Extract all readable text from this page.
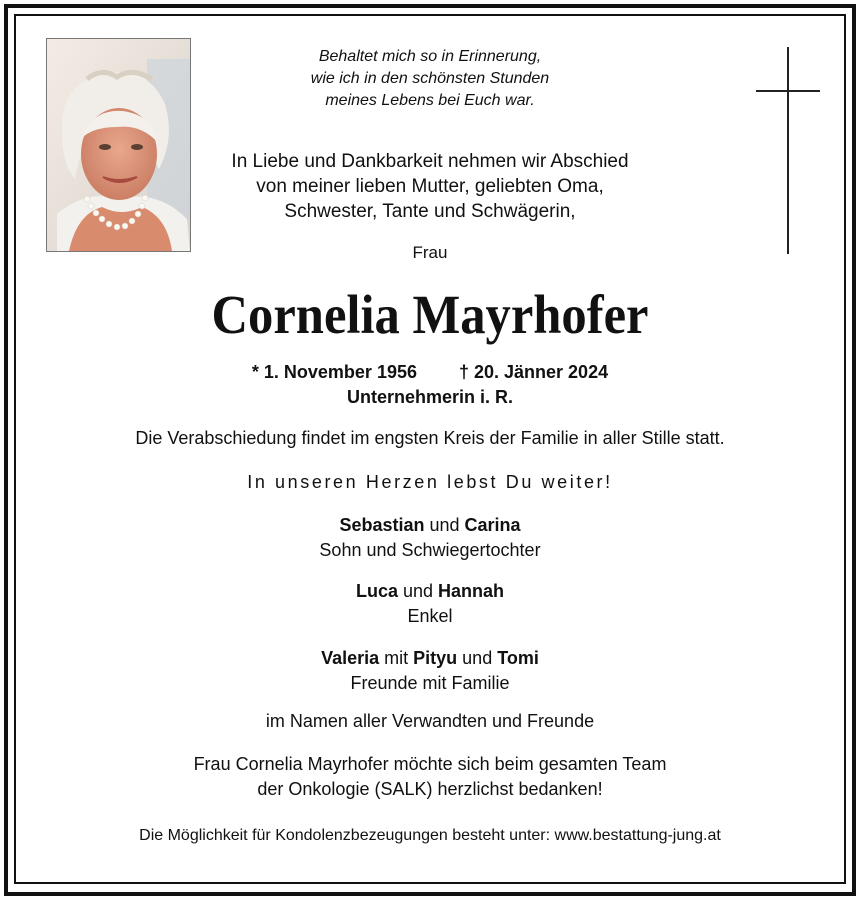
Behaltet mich so in Erinnerung,
wie ich in den schönsten Stunden
meines Lebens bei Euch war.
In Liebe und Dankbarkeit nehmen wir Abschied
von meiner lieben Mutter, geliebten Oma,
Schwester, Tante und Schwägerin,
Frau
Cornelia Mayrhofer
* 1. November 1956 † 20. Jänner 2024
Unternehmerin i. R.
Die Verabschiedung findet im engsten Kreis der Familie in aller Stille statt.
In unseren Herzen lebst Du weiter!
Sebastian und Carina
Sohn und Schwiegertochter
Luca und Hannah
Enkel
Valeria mit Pityu und Tomi
Freunde mit Familie
im Namen aller Verwandten und Freunde
Frau Cornelia Mayrhofer möchte sich beim gesamten Team
der Onkologie (SALK) herzlichst bedanken!
Die Möglichkeit für Kondolenzbezeugungen besteht unter: www.bestattung-jung.at
